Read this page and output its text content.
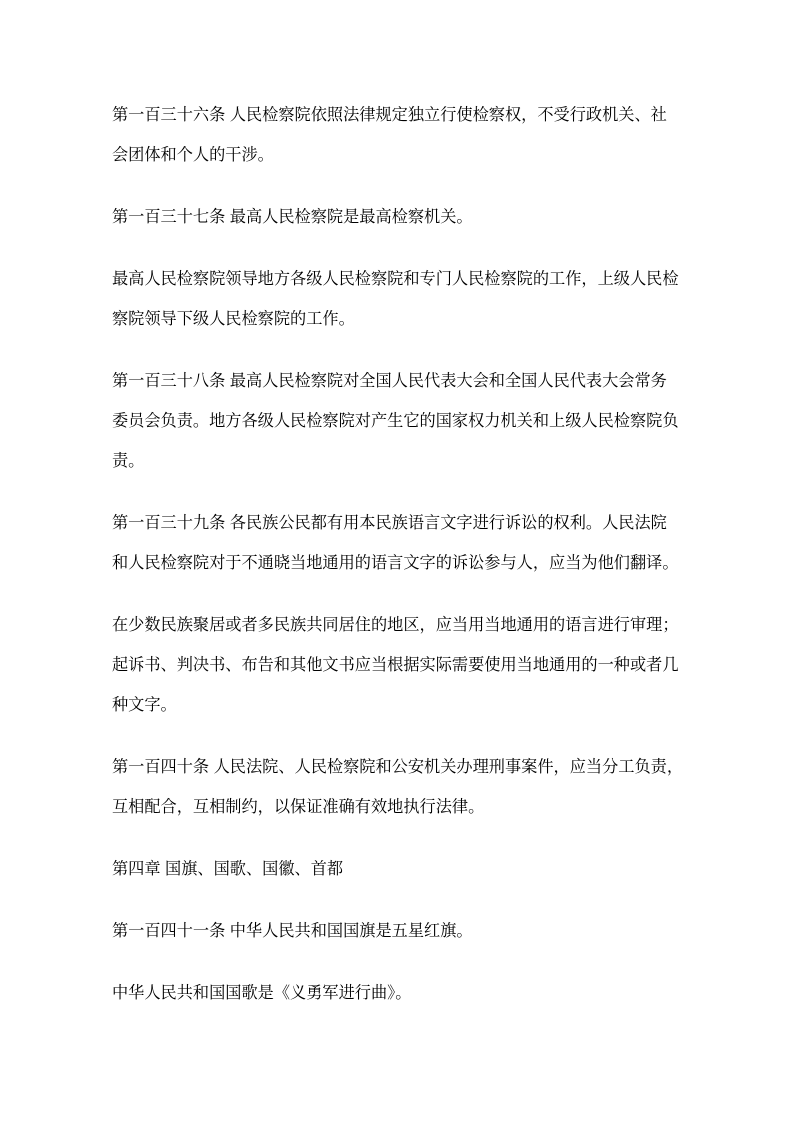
第一百三十六条 人民检察院依照法律规定独立行使检察权，不受行政机关、社
会团体和个人的干涉。

第一百三十七条 最高人民检察院是最高检察机关。

最高人民检察院领导地方各级人民检察院和专门人民检察院的工作，上级人民检
察院领导下级人民检察院的工作。

第一百三十八条 最高人民检察院对全国人民代表大会和全国人民代表大会常务
委员会负责。地方各级人民检察院对产生它的国家权力机关和上级人民检察院负
责。

第一百三十九条 各民族公民都有用本民族语言文字进行诉讼的权利。人民法院
和人民检察院对于不通晓当地通用的语言文字的诉讼参与人，应当为他们翻译。

在少数民族聚居或者多民族共同居住的地区，应当用当地通用的语言进行审理；
起诉书、判决书、布告和其他文书应当根据实际需要使用当地通用的一种或者几
种文字。

第一百四十条 人民法院、人民检察院和公安机关办理刑事案件，应当分工负责，
互相配合，互相制约，以保证准确有效地执行法律。

第四章 国旗、国歌、国徽、首都

第一百四十一条 中华人民共和国国旗是五星红旗。

中华人民共和国国歌是《义勇军进行曲》。
